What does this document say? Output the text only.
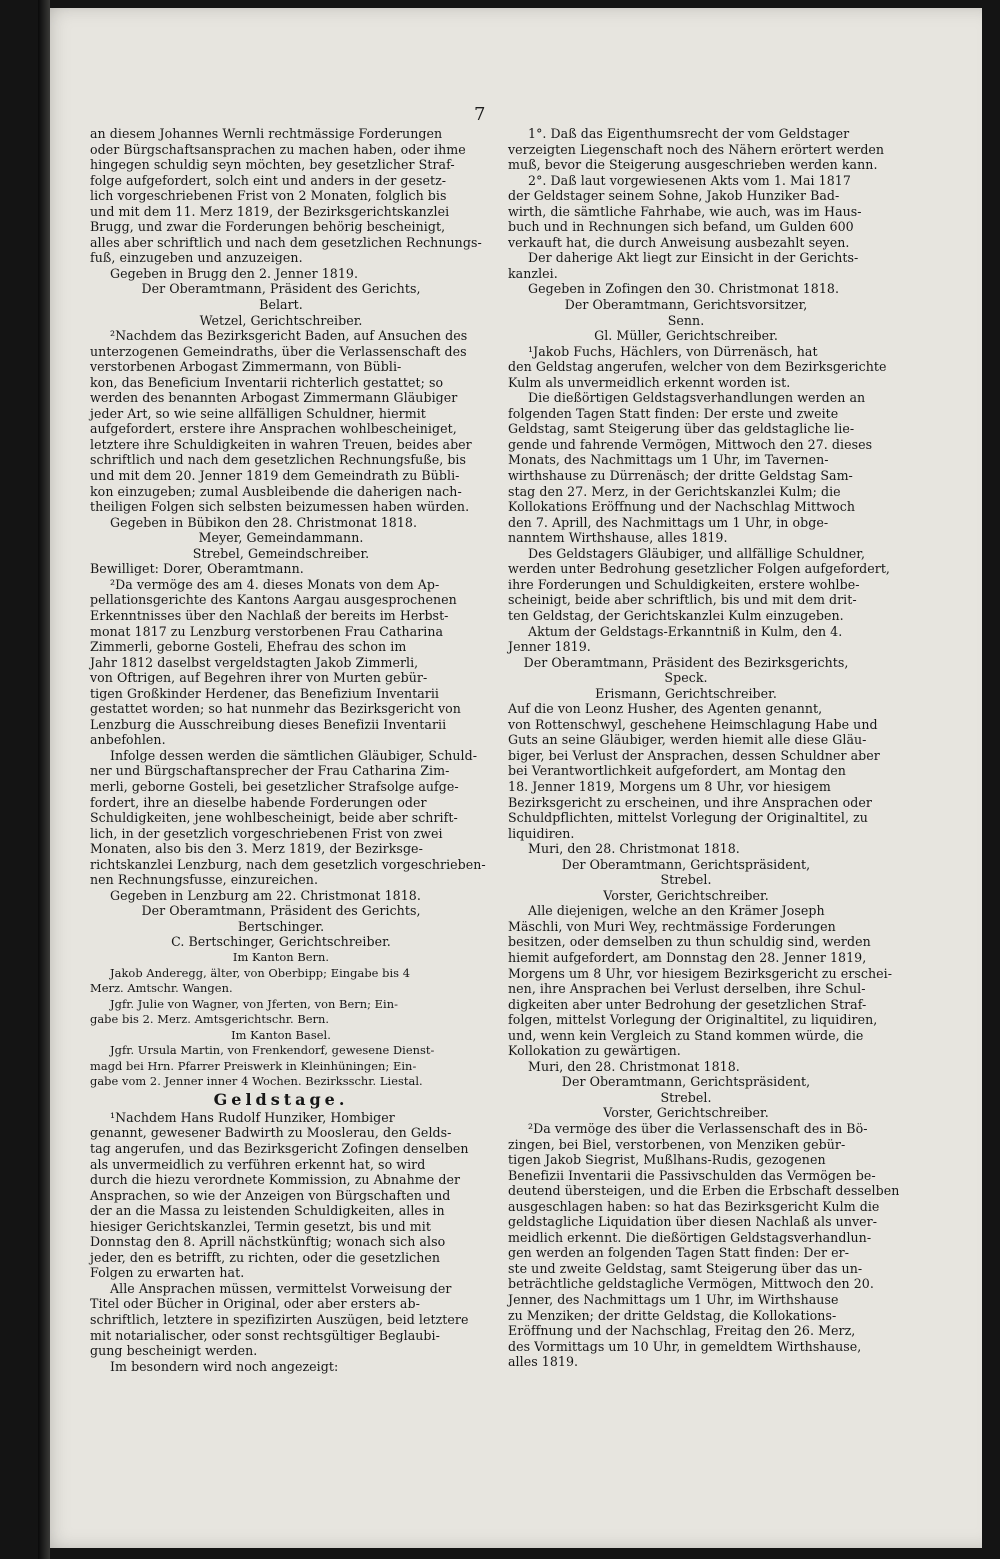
7
an diesem Johannes Wernli rechtmässige Forderungen
oder Bürgschaftsansprachen zu machen haben, oder ihme
hingegen schuldig seyn möchten, bey gesetzlicher Straf-
folge aufgefordert, solch eint und anders in der gesetz-
lich vorgeschriebenen Frist von 2 Monaten, folglich bis
und mit dem 11. Merz 1819, der Bezirksgerichtskanzlei
Brugg, und zwar die Forderungen behörig bescheinigt,
alles aber schriftlich und nach dem gesetzlichen Rechnungs-
fuß, einzugeben und anzuzeigen.
Gegeben in Brugg den 2. Jenner 1819.
Der Oberamtmann, Präsident des Gerichts,
Belart.
Wetzel, Gerichtschreiber.
²Nachdem das Bezirksgericht Baden, auf Ansuchen des
unterzogenen Gemeindraths, über die Verlassenschaft des
verstorbenen Arbogast Zimmermann, von Bübli-
kon, das Beneficium Inventarii richterlich gestattet; so
werden des benannten Arbogast Zimmermann Gläubiger
jeder Art, so wie seine allfälligen Schuldner, hiermit
aufgefordert, erstere ihre Ansprachen wohlbescheiniget,
letztere ihre Schuldigkeiten in wahren Treuen, beides aber
schriftlich und nach dem gesetzlichen Rechnungsfuße, bis
und mit dem 20. Jenner 1819 dem Gemeindrath zu Bübli-
kon einzugeben; zumal Ausbleibende die daherigen nach-
theiligen Folgen sich selbsten beizumessen haben würden.
Gegeben in Bübikon den 28. Christmonat 1818.
Meyer, Gemeindammann.
Strebel, Gemeindschreiber.
Bewilliget: Dorer, Oberamtmann.
²Da vermöge des am 4. dieses Monats von dem Ap-
pellationsgerichte des Kantons Aargau ausgesprochenen
Erkenntnisses über den Nachlaß der bereits im Herbst-
monat 1817 zu Lenzburg verstorbenen Frau Catharina
Zimmerli, geborne Gosteli, Ehefrau des schon im
Jahr 1812 daselbst vergeldstagten Jakob Zimmerli,
von Oftrigen, auf Begehren ihrer von Murten gebür-
tigen Großkinder Herdener, das Benefizium Inventarii
gestattet worden; so hat nunmehr das Bezirksgericht von
Lenzburg die Ausschreibung dieses Benefizii Inventarii
anbefohlen.
Infolge dessen werden die sämtlichen Gläubiger, Schuld-
ner und Bürgschaftansprecher der Frau Catharina Zim-
merli, geborne Gosteli, bei gesetzlicher Strafsolge aufge-
fordert, ihre an dieselbe habende Forderungen oder
Schuldigkeiten, jene wohlbescheinigt, beide aber schrift-
lich, in der gesetzlich vorgeschriebenen Frist von zwei
Monaten, also bis den 3. Merz 1819, der Bezirksge-
richtskanzlei Lenzburg, nach dem gesetzlich vorgeschrieben-
nen Rechnungsfusse, einzureichen.
Gegeben in Lenzburg am 22. Christmonat 1818.
Der Oberamtmann, Präsident des Gerichts,
Bertschinger.
C. Bertschinger, Gerichtschreiber.
Im Kanton Bern.
Jakob Anderegg, älter, von Oberbipp; Eingabe bis 4
Merz. Amtschr. Wangen.
Jgfr. Julie von Wagner, von Jferten, von Bern; Ein-
gabe bis 2. Merz. Amtsgerichtschr. Bern.
Im Kanton Basel.
Jgfr. Ursula Martin, von Frenkendorf, gewesene Dienst-
magd bei Hrn. Pfarrer Preiswerk in Kleinhüningen; Ein-
gabe vom 2. Jenner inner 4 Wochen. Bezirksschr. Liestal.
Geldstage.
¹Nachdem Hans Rudolf Hunziker, Hombiger
genannt, gewesener Badwirth zu Mooslerau, den Gelds-
tag angerufen, und das Bezirksgericht Zofingen denselben
als unvermeidlich zu verführen erkennt hat, so wird
durch die hiezu verordnete Kommission, zu Abnahme der
Ansprachen, so wie der Anzeigen von Bürgschaften und
der an die Massa zu leistenden Schuldigkeiten, alles in
hiesiger Gerichtskanzlei, Termin gesetzt, bis und mit
Donnstag den 8. Aprill nächstkünftig; wonach sich also
jeder, den es betrifft, zu richten, oder die gesetzlichen
Folgen zu erwarten hat.
Alle Ansprachen müssen, vermittelst Vorweisung der
Titel oder Bücher in Original, oder aber ersters ab-
schriftlich, letztere in spezifizirten Auszügen, beid letztere
mit notarialischer, oder sonst rechtsgültiger Beglaubi-
gung bescheinigt werden.
Im besondern wird noch angezeigt:
1°. Daß das Eigenthumsrecht der vom Geldstager
verzeigten Liegenschaft noch des Nähern erörtert werden
muß, bevor die Steigerung ausgeschrieben werden kann.
2°. Daß laut vorgewiesenen Akts vom 1. Mai 1817
der Geldstager seinem Sohne, Jakob Hunziker Bad-
wirth, die sämtliche Fahrhabe, wie auch, was im Haus-
buch und in Rechnungen sich befand, um Gulden 600
verkauft hat, die durch Anweisung ausbezahlt seyen.
Der daherige Akt liegt zur Einsicht in der Gerichts-
kanzlei.
Gegeben in Zofingen den 30. Christmonat 1818.
Der Oberamtmann, Gerichtsvorsitzer,
Senn.
Gl. Müller, Gerichtschreiber.
¹Jakob Fuchs, Hächlers, von Dürrenäsch, hat
den Geldstag angerufen, welcher von dem Bezirksgerichte
Kulm als unvermeidlich erkennt worden ist.
Die dießörtigen Geldstagsverhandlungen werden an
folgenden Tagen Statt finden: Der erste und zweite
Geldstag, samt Steigerung über das geldstagliche lie-
gende und fahrende Vermögen, Mittwoch den 27. dieses
Monats, des Nachmittags um 1 Uhr, im Tavernen-
wirthshause zu Dürrenäsch; der dritte Geldstag Sam-
stag den 27. Merz, in der Gerichtskanzlei Kulm; die
Kollokations Eröffnung und der Nachschlag Mittwoch
den 7. Aprill, des Nachmittags um 1 Uhr, in obge-
nanntem Wirthshause, alles 1819.
Des Geldstagers Gläubiger, und allfällige Schuldner,
werden unter Bedrohung gesetzlicher Folgen aufgefordert,
ihre Forderungen und Schuldigkeiten, erstere wohlbe-
scheinigt, beide aber schriftlich, bis und mit dem drit-
ten Geldstag, der Gerichtskanzlei Kulm einzugeben.
Aktum der Geldstags-Erkanntniß in Kulm, den 4.
Jenner 1819.
Der Oberamtmann, Präsident des Bezirksgerichts,
Speck.
Erismann, Gerichtschreiber.
Auf die von Leonz Husher, des Agenten genannt,
von Rottenschwyl, geschehene Heimschlagung Habe und
Guts an seine Gläubiger, werden hiemit alle diese Gläu-
biger, bei Verlust der Ansprachen, dessen Schuldner aber
bei Verantwortlichkeit aufgefordert, am Montag den
18. Jenner 1819, Morgens um 8 Uhr, vor hiesigem
Bezirksgericht zu erscheinen, und ihre Ansprachen oder
Schuldpflichten, mittelst Vorlegung der Originaltitel, zu
liquidiren.
Muri, den 28. Christmonat 1818.
Der Oberamtmann, Gerichtspräsident,
Strebel.
Vorster, Gerichtschreiber.
Alle diejenigen, welche an den Krämer Joseph
Mäschli, von Muri Wey, rechtmässige Forderungen
besitzen, oder demselben zu thun schuldig sind, werden
hiemit aufgefordert, am Donnstag den 28. Jenner 1819,
Morgens um 8 Uhr, vor hiesigem Bezirksgericht zu erschei-
nen, ihre Ansprachen bei Verlust derselben, ihre Schul-
digkeiten aber unter Bedrohung der gesetzlichen Straf-
folgen, mittelst Vorlegung der Originaltitel, zu liquidiren,
und, wenn kein Vergleich zu Stand kommen würde, die
Kollokation zu gewärtigen.
Muri, den 28. Christmonat 1818.
Der Oberamtmann, Gerichtspräsident,
Strebel.
Vorster, Gerichtschreiber.
²Da vermöge des über die Verlassenschaft des in Bö-
zingen, bei Biel, verstorbenen, von Menziken gebür-
tigen Jakob Siegrist, Mußlhans-Rudis, gezogenen
Benefizii Inventarii die Passivschulden das Vermögen be-
deutend übersteigen, und die Erben die Erbschaft desselben
ausgeschlagen haben: so hat das Bezirksgericht Kulm die
geldstagliche Liquidation über diesen Nachlaß als unver-
meidlich erkennt. Die dießörtigen Geldstagsverhandlun-
gen werden an folgenden Tagen Statt finden: Der er-
ste und zweite Geldstag, samt Steigerung über das un-
beträchtliche geldstagliche Vermögen, Mittwoch den 20.
Jenner, des Nachmittags um 1 Uhr, im Wirthshause
zu Menziken; der dritte Geldstag, die Kollokations-
Eröffnung und der Nachschlag, Freitag den 26. Merz,
des Vormittags um 10 Uhr, in gemeldtem Wirthshause,
alles 1819.
